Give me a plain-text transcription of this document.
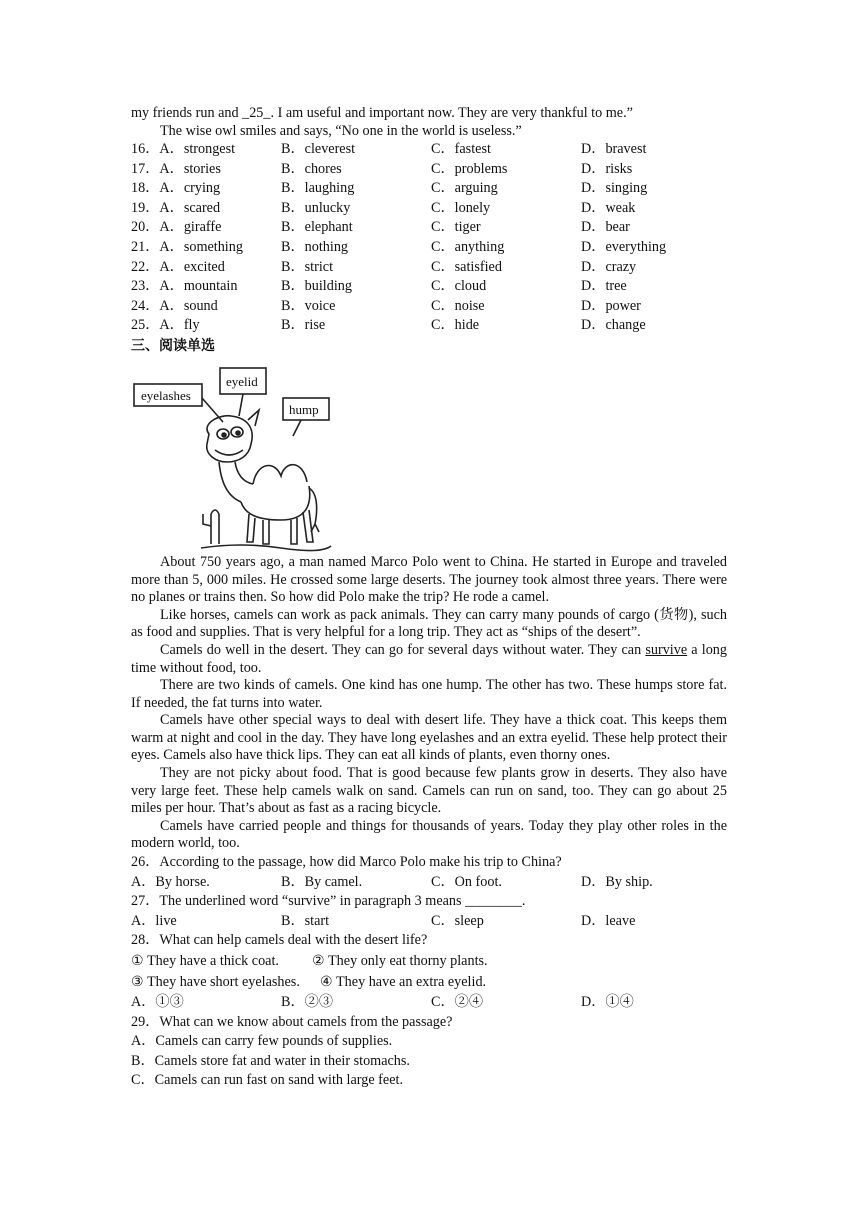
my friends run and _25_. I am useful and important now. They are very thankful to me.”
The wise owl smiles and says, “No one in the world is useless.”
16．A．strongest	B．cleverest	C．fastest	D．bravest
17．A．stories	B．chores	C．problems	D．risks
18．A．crying	B．laughing	C．arguing	D．singing
19．A．scared	B．unlucky	C．lonely	D．weak
20．A．giraffe	B．elephant	C．tiger	D．bear
21．A．something	B．nothing	C．anything	D．everything
22．A．excited	B．strict	C．satisfied	D．crazy
23．A．mountain	B．building	C．cloud	D．tree
24．A．sound	B．voice	C．noise	D．power
25．A．fly	B．rise	C．hide	D．change
三、阅读单选
eyelashes
eyelid
hump
About 750 years ago, a man named Marco Polo went to China. He started in Europe and traveled more than 5, 000 miles. He crossed some large deserts. The journey took almost three years. There were no planes or trains then. So how did Polo make the trip? He rode a camel.
Like horses, camels can work as pack animals. They can carry many pounds of cargo (货物), such as food and supplies. That is very helpful for a long trip. They act as “ships of the desert”.
Camels do well in the desert. They can go for several days without water. They can survive a long time without food, too.
There are two kinds of camels. One kind has one hump. The other has two. These humps store fat. If needed, the fat turns into water.
Camels have other special ways to deal with desert life. They have a thick coat. This keeps them warm at night and cool in the day. They have long eyelashes and an extra eyelid. These help protect their eyes. Camels also have thick lips. They can eat all kinds of plants, even thorny ones.
They are not picky about food. That is good because few plants grow in deserts. They also have very large feet. These help camels walk on sand. Camels can run on sand, too. They can go about 25 miles per hour. That’s about as fast as a racing bicycle.
Camels have carried people and things for thousands of years. Today they play other roles in the modern world, too.
26．According to the passage, how did Marco Polo make his trip to China?
A．By horse.	B．By camel.	C．On foot.	D．By ship.
27．The underlined word “survive” in paragraph 3 means ________.
A．live	B．start	C．sleep	D．leave
28．What can help camels deal with the desert life?
① They have a thick coat.	② They only eat thorny plants.
③ They have short eyelashes.	④ They have an extra eyelid.
A．①③	B．②③	C．②④	D．①④
29．What can we know about camels from the passage?
A．Camels can carry few pounds of supplies.
B．Camels store fat and water in their stomachs.
C．Camels can run fast on sand with large feet.
